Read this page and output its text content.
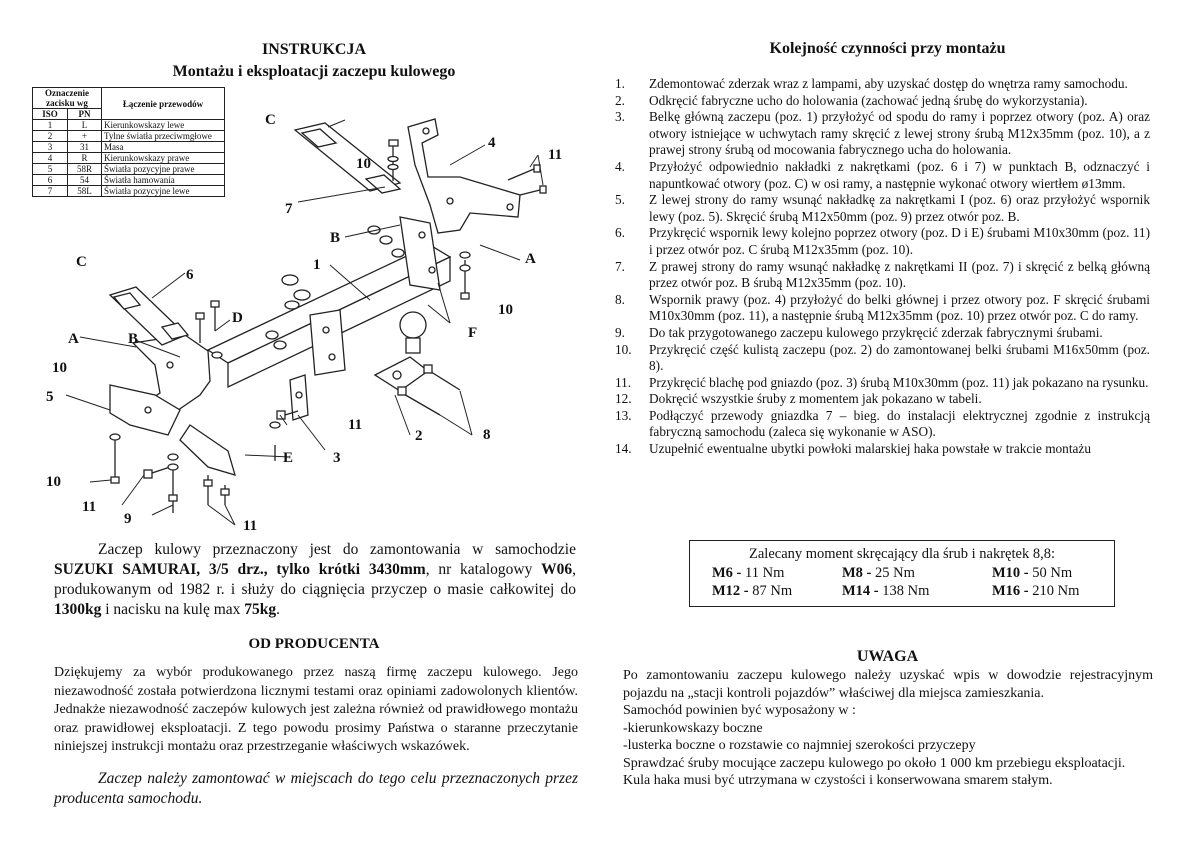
INSTRUKCJA
Montażu i eksploatacji zaczepu kulowego
Oznaczenie zacisku wg		Łączenie przewodów
ISO	PN	
1	L	Kierunkowskazy lewe
2	+	Tylne światła przeciwmgłowe
3	31	Masa
4	R	Kierunkowskazy prawe
5	58R	Światła pozycyjne prawe
6	54	Światła hamowania
7	58L	Światła pozycyjne lewe
C
10
7
4
11
B
A
1
10
F
C
6
D
A	B
10
5
11
E	3
2	8
10
11
9	11

Zaczep kulowy przeznaczony jest do zamontowania w samochodzie SUZUKI SAMURAI, 3/5 drz., tylko krótki 3430mm, nr katalogowy W06, produkowanym od 1982 r. i służy do ciągnięcia przyczep o masie całkowitej do 1300kg i nacisku na kulę max 75kg.

OD PRODUCENTA

Dziękujemy za wybór produkowanego przez naszą firmę zaczepu kulowego. Jego niezawodność została potwierdzona licznymi testami oraz opiniami zadowolonych klientów. Jednakże niezawodność zaczepów kulowych jest zależna również od prawidłowego montażu oraz prawidłowej eksploatacji. Z tego powodu prosimy Państwa o staranne przeczytanie niniejszej instrukcji montażu oraz przestrzeganie właściwych wskazówek.

Zaczep należy zamontować w miejscach do tego celu przeznaczonych przez producenta samochodu.

Kolejność czynności przy montażu
1.	Zdemontować zderzak wraz z lampami, aby uzyskać dostęp do wnętrza ramy samochodu.
2.	Odkręcić fabryczne ucho do holowania (zachować jedną śrubę do wykorzystania).
3.	Belkę główną zaczepu (poz. 1) przyłożyć od spodu do ramy i poprzez otwory (poz. A) oraz otwory istniejące w uchwytach ramy skręcić z lewej strony śrubą M12x35mm (poz. 10), a z prawej strony śrubą od mocowania fabrycznego ucha do holowania.
4.	Przyłożyć odpowiednio nakładki z nakrętkami (poz. 6 i 7) w punktach B, odznaczyć i napuntkować otwory (poz. C) w osi ramy, a następnie wykonać otwory wiertłem ø13mm.
5.	Z lewej strony do ramy wsunąć nakładkę za nakrętkami I (poz. 6) oraz przyłożyć wspornik lewy (poz. 5). Skręcić śrubą M12x50mm (poz. 9) przez otwór poz. B.
6.	Przykręcić wspornik lewy kolejno poprzez otwory (poz. D i E) śrubami M10x30mm (poz. 11) i przez otwór poz. C śrubą M12x35mm (poz. 10).
7.	Z prawej strony do ramy wsunąć nakładkę z nakrętkami II (poz. 7) i skręcić z belką główną przez otwór poz. B śrubą M12x35mm (poz. 10).
8.	Wspornik prawy (poz. 4) przyłożyć do belki głównej i przez otwory poz. F skręcić śrubami M10x30mm (poz. 11), a następnie śrubą M12x35mm (poz. 10) przez otwór poz. C do ramy.
9.	Do tak przygotowanego zaczepu kulowego przykręcić zderzak fabrycznymi śrubami.
10.	Przykręcić część kulistą zaczepu (poz. 2) do zamontowanej belki śrubami M16x50mm (poz. 8).
11.	Przykręcić blachę pod gniazdo (poz. 3) śrubą M10x30mm (poz. 11) jak pokazano na rysunku.
12.	Dokręcić wszystkie śruby z momentem jak pokazano w tabeli.
13.	Podłączyć przewody gniazdka 7 – bieg. do instalacji elektrycznej zgodnie z instrukcją fabryczną samochodu (zaleca się wykonanie w ASO).
14.	Uzupełnić ewentualne ubytki powłoki malarskiej haka powstałe w trakcie montażu
Zalecany moment skręcający dla śrub i nakrętek 8,8:
M6 - 11 Nm	M8 - 25 Nm	M10 - 50 Nm
M12 - 87 Nm	M14 - 138 Nm	M16 - 210 Nm
UWAGA

Po zamontowaniu zaczepu kulowego należy uzyskać wpis w dowodzie rejestracyjnym pojazdu na „stacji kontroli pojazdów” właściwej dla miejsca zamieszkania.

Samochód powinien być wyposażony w :

-kierunkowskazy boczne

-lusterka boczne o rozstawie co najmniej szerokości przyczepy

Sprawdzać śruby mocujące zaczepu kulowego po około 1 000 km przebiegu eksploatacji.

Kula haka musi być utrzymana w czystości i konserwowana smarem stałym.
